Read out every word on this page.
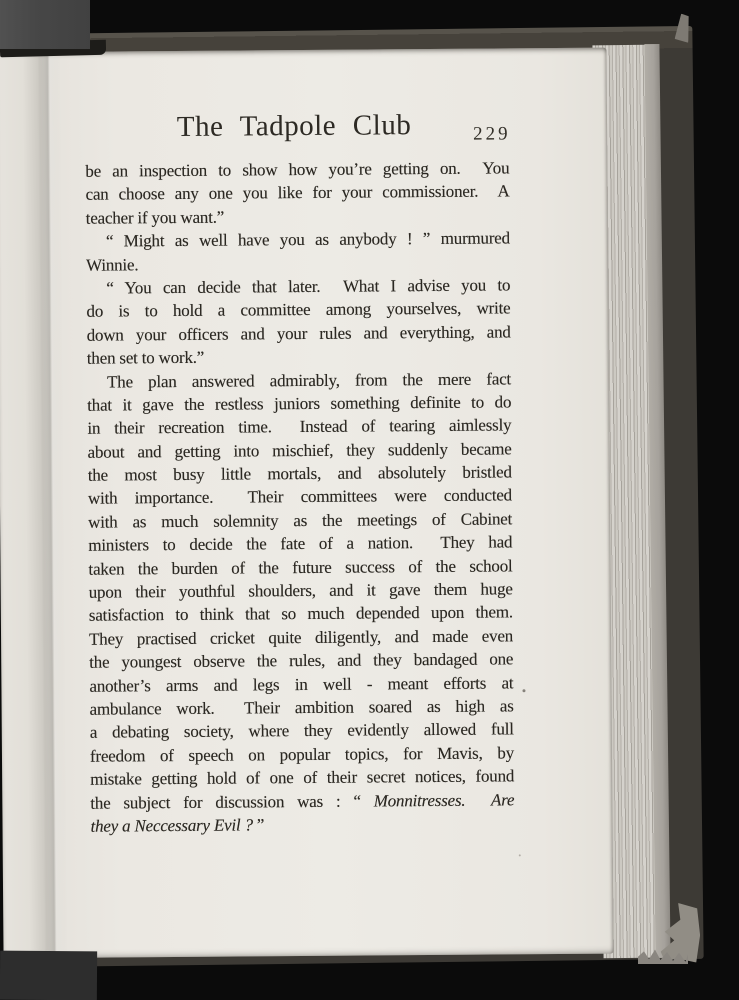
The Tadpole Club	229
be an inspection to show how you’re getting on.  You
can choose any one you like for your commissioner.  A
teacher if you want.”
“ Might as well have you as anybody ! ” murmured
Winnie.
“ You can decide that later.  What I advise you to
do is to hold a committee among yourselves, write
down your officers and your rules and everything, and
then set to work.”
The plan answered admirably, from the mere fact
that it gave the restless juniors something definite to do
in their recreation time.  Instead of tearing aimlessly
about and getting into mischief, they suddenly became
the most busy little mortals, and absolutely bristled
with importance.  Their committees were conducted
with as much solemnity as the meetings of Cabinet
ministers to decide the fate of a nation.  They had
taken the burden of the future success of the school
upon their youthful shoulders, and it gave them huge
satisfaction to think that so much depended upon them.
They practised cricket quite diligently, and made even
the youngest observe the rules, and they bandaged one
another’s arms and legs in well - meant efforts at
ambulance work.  Their ambition soared as high as
a debating society, where they evidently allowed full
freedom of speech on popular topics, for Mavis, by
mistake getting hold of one of their secret notices, found
the subject for discussion was : “ Monnitresses.  Are
they a Neccessary Evil ? ”
